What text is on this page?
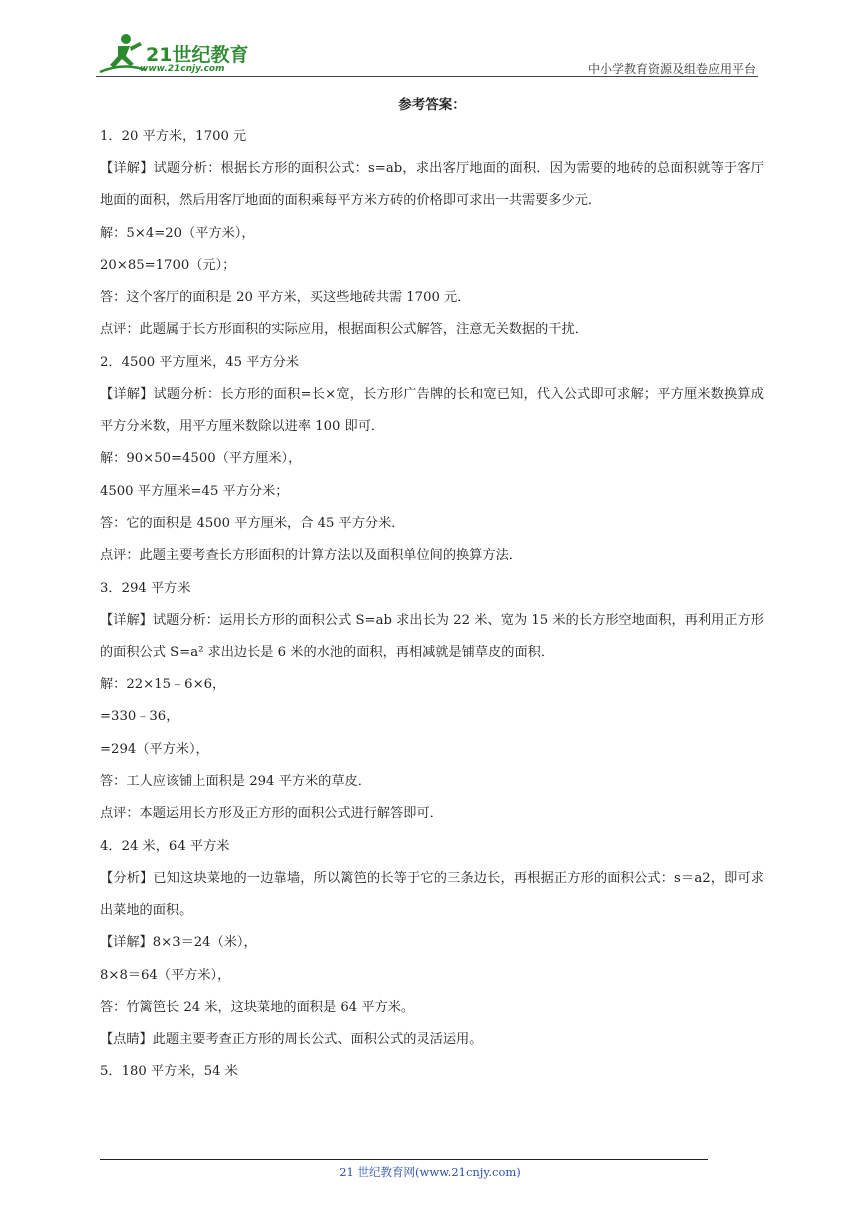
21世纪教育
www.21cnjy.com	中小学教育资源及组卷应用平台
参考答案：

1．20 平方米，1700 元

【详解】试题分析：根据长方形的面积公式：s=ab，求出客厅地面的面积．因为需要的地砖的总面积就等于客厅地面的面积，然后用客厅地面的面积乘每平方米方砖的价格即可求出一共需要多少元．

解：5×4=20（平方米），

20×85=1700（元）；

答：这个客厅的面积是 20 平方米，买这些地砖共需 1700 元．

点评：此题属于长方形面积的实际应用，根据面积公式解答，注意无关数据的干扰．

2．4500 平方厘米，45 平方分米

【详解】试题分析：长方形的面积=长×宽，长方形广告牌的长和宽已知，代入公式即可求解；平方厘米数换算成平方分米数，用平方厘米数除以进率 100 即可．

解：90×50=4500（平方厘米），

4500 平方厘米=45 平方分米；

答：它的面积是 4500 平方厘米，合 45 平方分米．

点评：此题主要考查长方形面积的计算方法以及面积单位间的换算方法．

3．294 平方米

【详解】试题分析：运用长方形的面积公式 S=ab 求出长为 22 米、宽为 15 米的长方形空地面积，再利用正方形的面积公式 S=a² 求出边长是 6 米的水池的面积，再相减就是铺草皮的面积．

解：22×15﹣6×6，

=330﹣36，

=294（平方米），

答：工人应该铺上面积是 294 平方米的草皮．

点评：本题运用长方形及正方形的面积公式进行解答即可．

4．24 米，64 平方米

【分析】已知这块菜地的一边靠墙，所以篱笆的长等于它的三条边长，再根据正方形的面积公式：s＝a2，即可求出菜地的面积。

【详解】8×3＝24（米），

8×8＝64（平方米），

答：竹篱笆长 24 米，这块菜地的面积是 64 平方米。

【点睛】此题主要考查正方形的周长公式、面积公式的灵活运用。

5．180 平方米，54 米

21 世纪教育网(www.21cnjy.com)
